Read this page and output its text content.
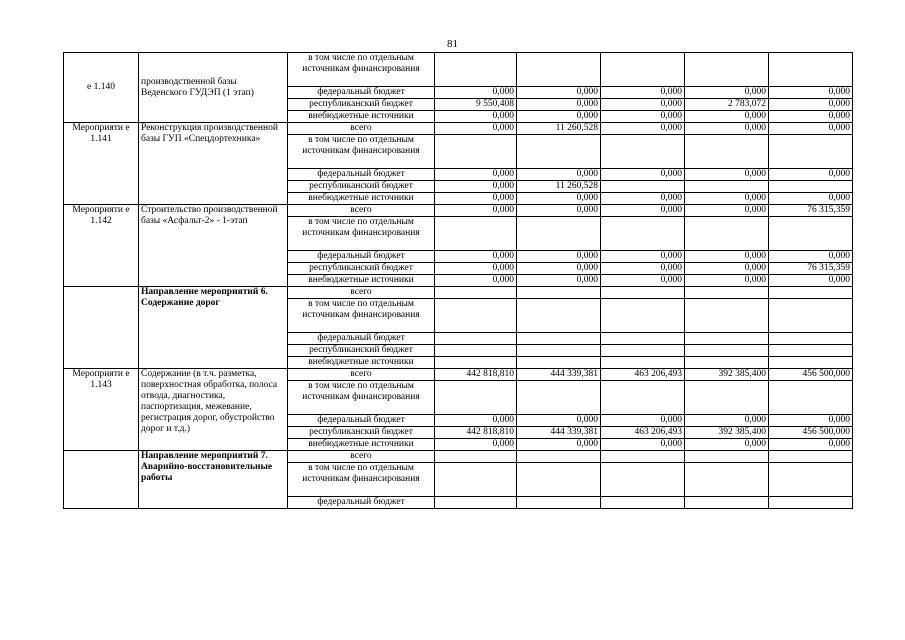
81
е 1.140	производственной базы Веденского ГУДЭП (1 этап)	в том числе по отдельным источникам финансирования					
		федеральный бюджет	0,000	0,000	0,000	0,000	0,000
		республиканский бюджет	9 550,408	0,000	0,000	2 783,072	0,000
		внебюджетные источники	0,000	0,000	0,000	0,000	0,000
Мероприяти е 1.141	Реконструкция производственной базы ГУП «Спецдортехника»	всего	0,000	11 260,528	0,000	0,000	0,000
		в том числе по отдельным источникам финансирования					
		федеральный бюджет	0,000	0,000	0,000	0,000	0,000
		республиканский бюджет	0,000	11 260,528			
		внебюджетные источники	0,000	0,000	0,000	0,000	0,000
Мероприяти е 1.142	Строительство производственной базы «Асфальт-2» - 1-этап	всего	0,000	0,000	0,000	0,000	76 315,359
		в том числе по отдельным источникам финансирования					
		федеральный бюджет	0,000	0,000	0,000	0,000	0,000
		республиканский бюджет	0,000	0,000	0,000	0,000	76 315,359
		внебюджетные источники	0,000	0,000	0,000	0,000	0,000
	Направление мероприятий 6. Содержание дорог	всего					
		в том числе по отдельным источникам финансирования					
		федеральный бюджет					
		республиканский бюджет					
		внебюджетные источники					
Мероприяти е 1.143	Содержание (в т.ч. разметка, поверхностная обработка, полоса отвода, диагностика, паспортизация, межевание, регистрация дорог, обустройство дорог и т.д.)	всего	442 818,810	444 339,381	463 206,493	392 385,400	456 500,000
		в том числе по отдельным источникам финансирования					
		федеральный бюджет	0,000	0,000	0,000	0,000	0,000
		республиканский бюджет	442 818,810	444 339,381	463 206,493	392 385,400	456 500,000
		внебюджетные источники	0,000	0,000	0,000	0,000	0,000
	Направление мероприятий 7. Аварийно-восстановительные работы	всего					
		в том числе по отдельным источникам финансирования					
		федеральный бюджет					
